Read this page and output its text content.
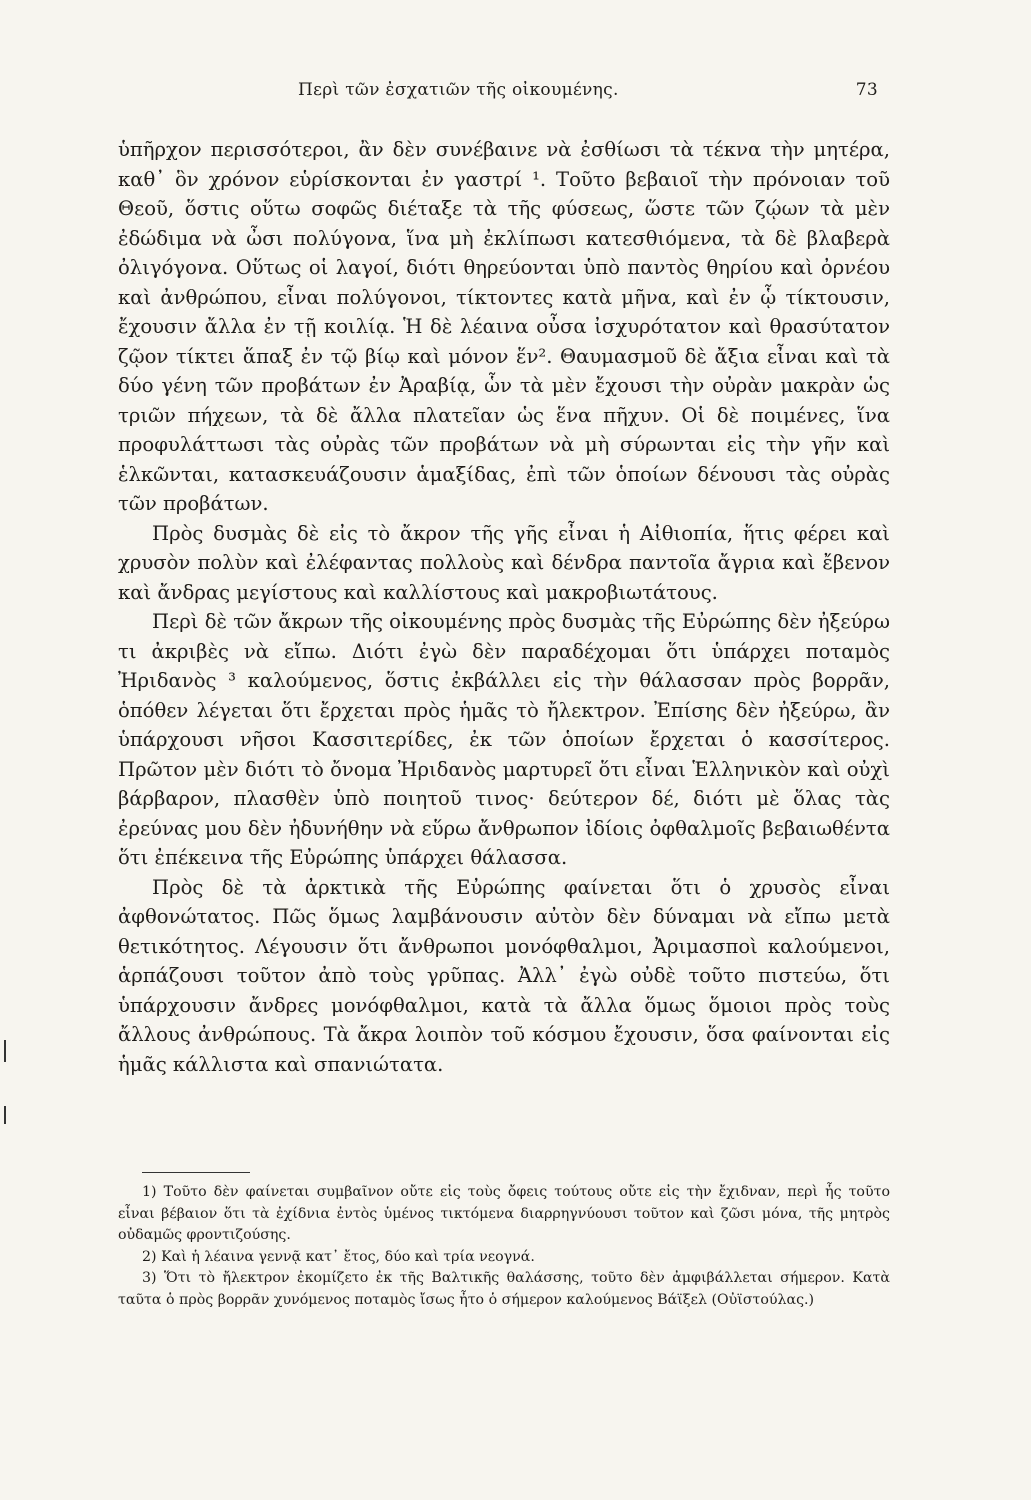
Περὶ τῶν ἐσχατιῶν τῆς οἰκουμένης.	73

ὑπῆρχον περισσότεροι, ἂν δὲν συνέβαινε νὰ ἐσθίωσι τὰ τέκνα τὴν μητέρα, καθ᾿ ὃν χρόνον εὑρίσκονται ἐν γαστρί ¹. Τοῦτο βεβαιοῖ τὴν πρόνοιαν τοῦ Θεοῦ, ὅστις οὕτω σοφῶς διέταξε τὰ τῆς φύσεως, ὥστε τῶν ζῴων τὰ μὲν ἐδώδιμα νὰ ὦσι πολύγονα, ἵνα μὴ ἐκλίπωσι κατεσθιόμενα, τὰ δὲ βλαβερὰ ὀλιγόγονα. Οὕτως οἱ λαγοί, διότι θηρεύονται ὑπὸ παντὸς θηρίου καὶ ὀρνέου καὶ ἀνθρώπου, εἶναι πολύγονοι, τίκτοντες κατὰ μῆνα, καὶ ἐν ᾧ τίκτουσιν, ἔχουσιν ἄλλα ἐν τῇ κοιλίᾳ. Ἡ δὲ λέαινα οὖσα ἰσχυρότατον καὶ θρασύτατον ζῷον τίκτει ἅπαξ ἐν τῷ βίῳ καὶ μόνον ἕν². Θαυμασμοῦ δὲ ἄξια εἶναι καὶ τὰ δύο γένη τῶν προβάτων ἐν Ἀραβίᾳ, ὧν τὰ μὲν ἔχουσι τὴν οὐρὰν μακρὰν ὡς τριῶν πήχεων, τὰ δὲ ἄλλα πλατεῖαν ὡς ἕνα πῆχυν. Οἱ δὲ ποιμένες, ἵνα προφυλάττωσι τὰς οὐρὰς τῶν προβάτων νὰ μὴ σύρωνται εἰς τὴν γῆν καὶ ἑλκῶνται, κατασκευάζουσιν ἁμαξίδας, ἐπὶ τῶν ὁποίων δένουσι τὰς οὐρὰς τῶν προβάτων.

Πρὸς δυσμὰς δὲ εἰς τὸ ἄκρον τῆς γῆς εἶναι ἡ Αἰθιοπία, ἥτις φέρει καὶ χρυσὸν πολὺν καὶ ἐλέφαντας πολλοὺς καὶ δένδρα παντοῖα ἄγρια καὶ ἔβενον καὶ ἄνδρας μεγίστους καὶ καλλίστους καὶ μακροβιωτάτους.

Περὶ δὲ τῶν ἄκρων τῆς οἰκουμένης πρὸς δυσμὰς τῆς Εὐρώπης δὲν ἠξεύρω τι ἀκριβὲς νὰ εἴπω. Διότι ἐγὼ δὲν παραδέχομαι ὅτι ὑπάρχει ποταμὸς Ἠριδανὸς ³ καλούμενος, ὅστις ἐκβάλλει εἰς τὴν θάλασσαν πρὸς βορρᾶν, ὁπόθεν λέγεται ὅτι ἔρχεται πρὸς ἡμᾶς τὸ ἤλεκτρον. Ἐπίσης δὲν ἠξεύρω, ἂν ὑπάρχουσι νῆσοι Κασσιτερίδες, ἐκ τῶν ὁποίων ἔρχεται ὁ κασσίτερος. Πρῶτον μὲν διότι τὸ ὄνομα Ἠριδανὸς μαρτυρεῖ ὅτι εἶναι Ἑλληνικὸν καὶ οὐχὶ βάρβαρον, πλασθὲν ὑπὸ ποιητοῦ τινος· δεύτερον δέ, διότι μὲ ὅλας τὰς ἐρεύνας μου δὲν ἠδυνήθην νὰ εὕρω ἄνθρωπον ἰδίοις ὀφθαλμοῖς βεβαιωθέντα ὅτι ἐπέκεινα τῆς Εὐρώπης ὑπάρχει θάλασσα.

Πρὸς δὲ τὰ ἀρκτικὰ τῆς Εὐρώπης φαίνεται ὅτι ὁ χρυσὸς εἶναι ἀφθονώτατος. Πῶς ὅμως λαμβάνουσιν αὐτὸν δὲν δύναμαι νὰ εἴπω μετὰ θετικότητος. Λέγουσιν ὅτι ἄνθρωποι μονόφθαλμοι, Ἀριμασποὶ καλούμενοι, ἁρπάζουσι τοῦτον ἀπὸ τοὺς γρῦπας. Ἀλλ᾿ ἐγὼ οὐδὲ τοῦτο πιστεύω, ὅτι ὑπάρχουσιν ἄνδρες μονόφθαλμοι, κατὰ τὰ ἄλλα ὅμως ὅμοιοι πρὸς τοὺς ἄλλους ἀνθρώπους. Τὰ ἄκρα λοιπὸν τοῦ κόσμου ἔχουσιν, ὅσα φαίνονται εἰς ἡμᾶς κάλλιστα καὶ σπανιώτατα.

1) Τοῦτο δὲν φαίνεται συμβαῖνον οὔτε εἰς τοὺς ὄφεις τούτους οὔτε εἰς τὴν ἔχιδναν, περὶ ἧς τοῦτο εἶναι βέβαιον ὅτι τὰ ἐχίδνια ἐντὸς ὑμένος τικτόμενα διαρρηγνύουσι τοῦτον καὶ ζῶσι μόνα, τῆς μητρὸς οὐδαμῶς φροντιζούσης.

2) Καὶ ἡ λέαινα γεννᾷ κατ᾿ ἔτος, δύο καὶ τρία νεογνά.

3) Ὅτι τὸ ἤλεκτρον ἐκομίζετο ἐκ τῆς Βαλτικῆς θαλάσσης, τοῦτο δὲν ἀμφιβάλλεται σήμερον. Κατὰ ταῦτα ὁ πρὸς βορρᾶν χυνόμενος ποταμὸς ἴσως ἦτο ὁ σήμερον καλούμενος Βάϊξελ (Οὐϊστούλας.)
